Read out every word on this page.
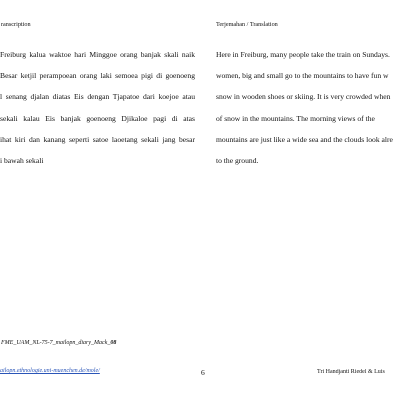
ranscription	Terjemahan / Translation
Freiburg kalua waktoe hari Minggoe orang banjak skali naik
Besar ketjil perampoean orang laki semoea pigi di goenoeng
l senang djalan diatas Eis dengan Tjapatoe dari koejoe atau
sekali kalau Eis banjak goenoeng Djikaloe pagi di atas
ihat kiri dan kanang seperti satoe laoetang sekali jang besar
i bawah sekali
Here in Freiburg, many people take the train on Sundays.
women, big and small go to the mountains to have fun w
snow in wooden shoes or skiing. It is very crowded when
of snow in the mountains. The morning views of the
mountains are just like a wide sea and the clouds look alre
to the ground.
FME_UAM_NL-75-7_mailopn_diary_Mack_08
ailopn.ethnologie.uni-muenchen.de/mole/	6	Tri Handjanti Riedel & Luis
